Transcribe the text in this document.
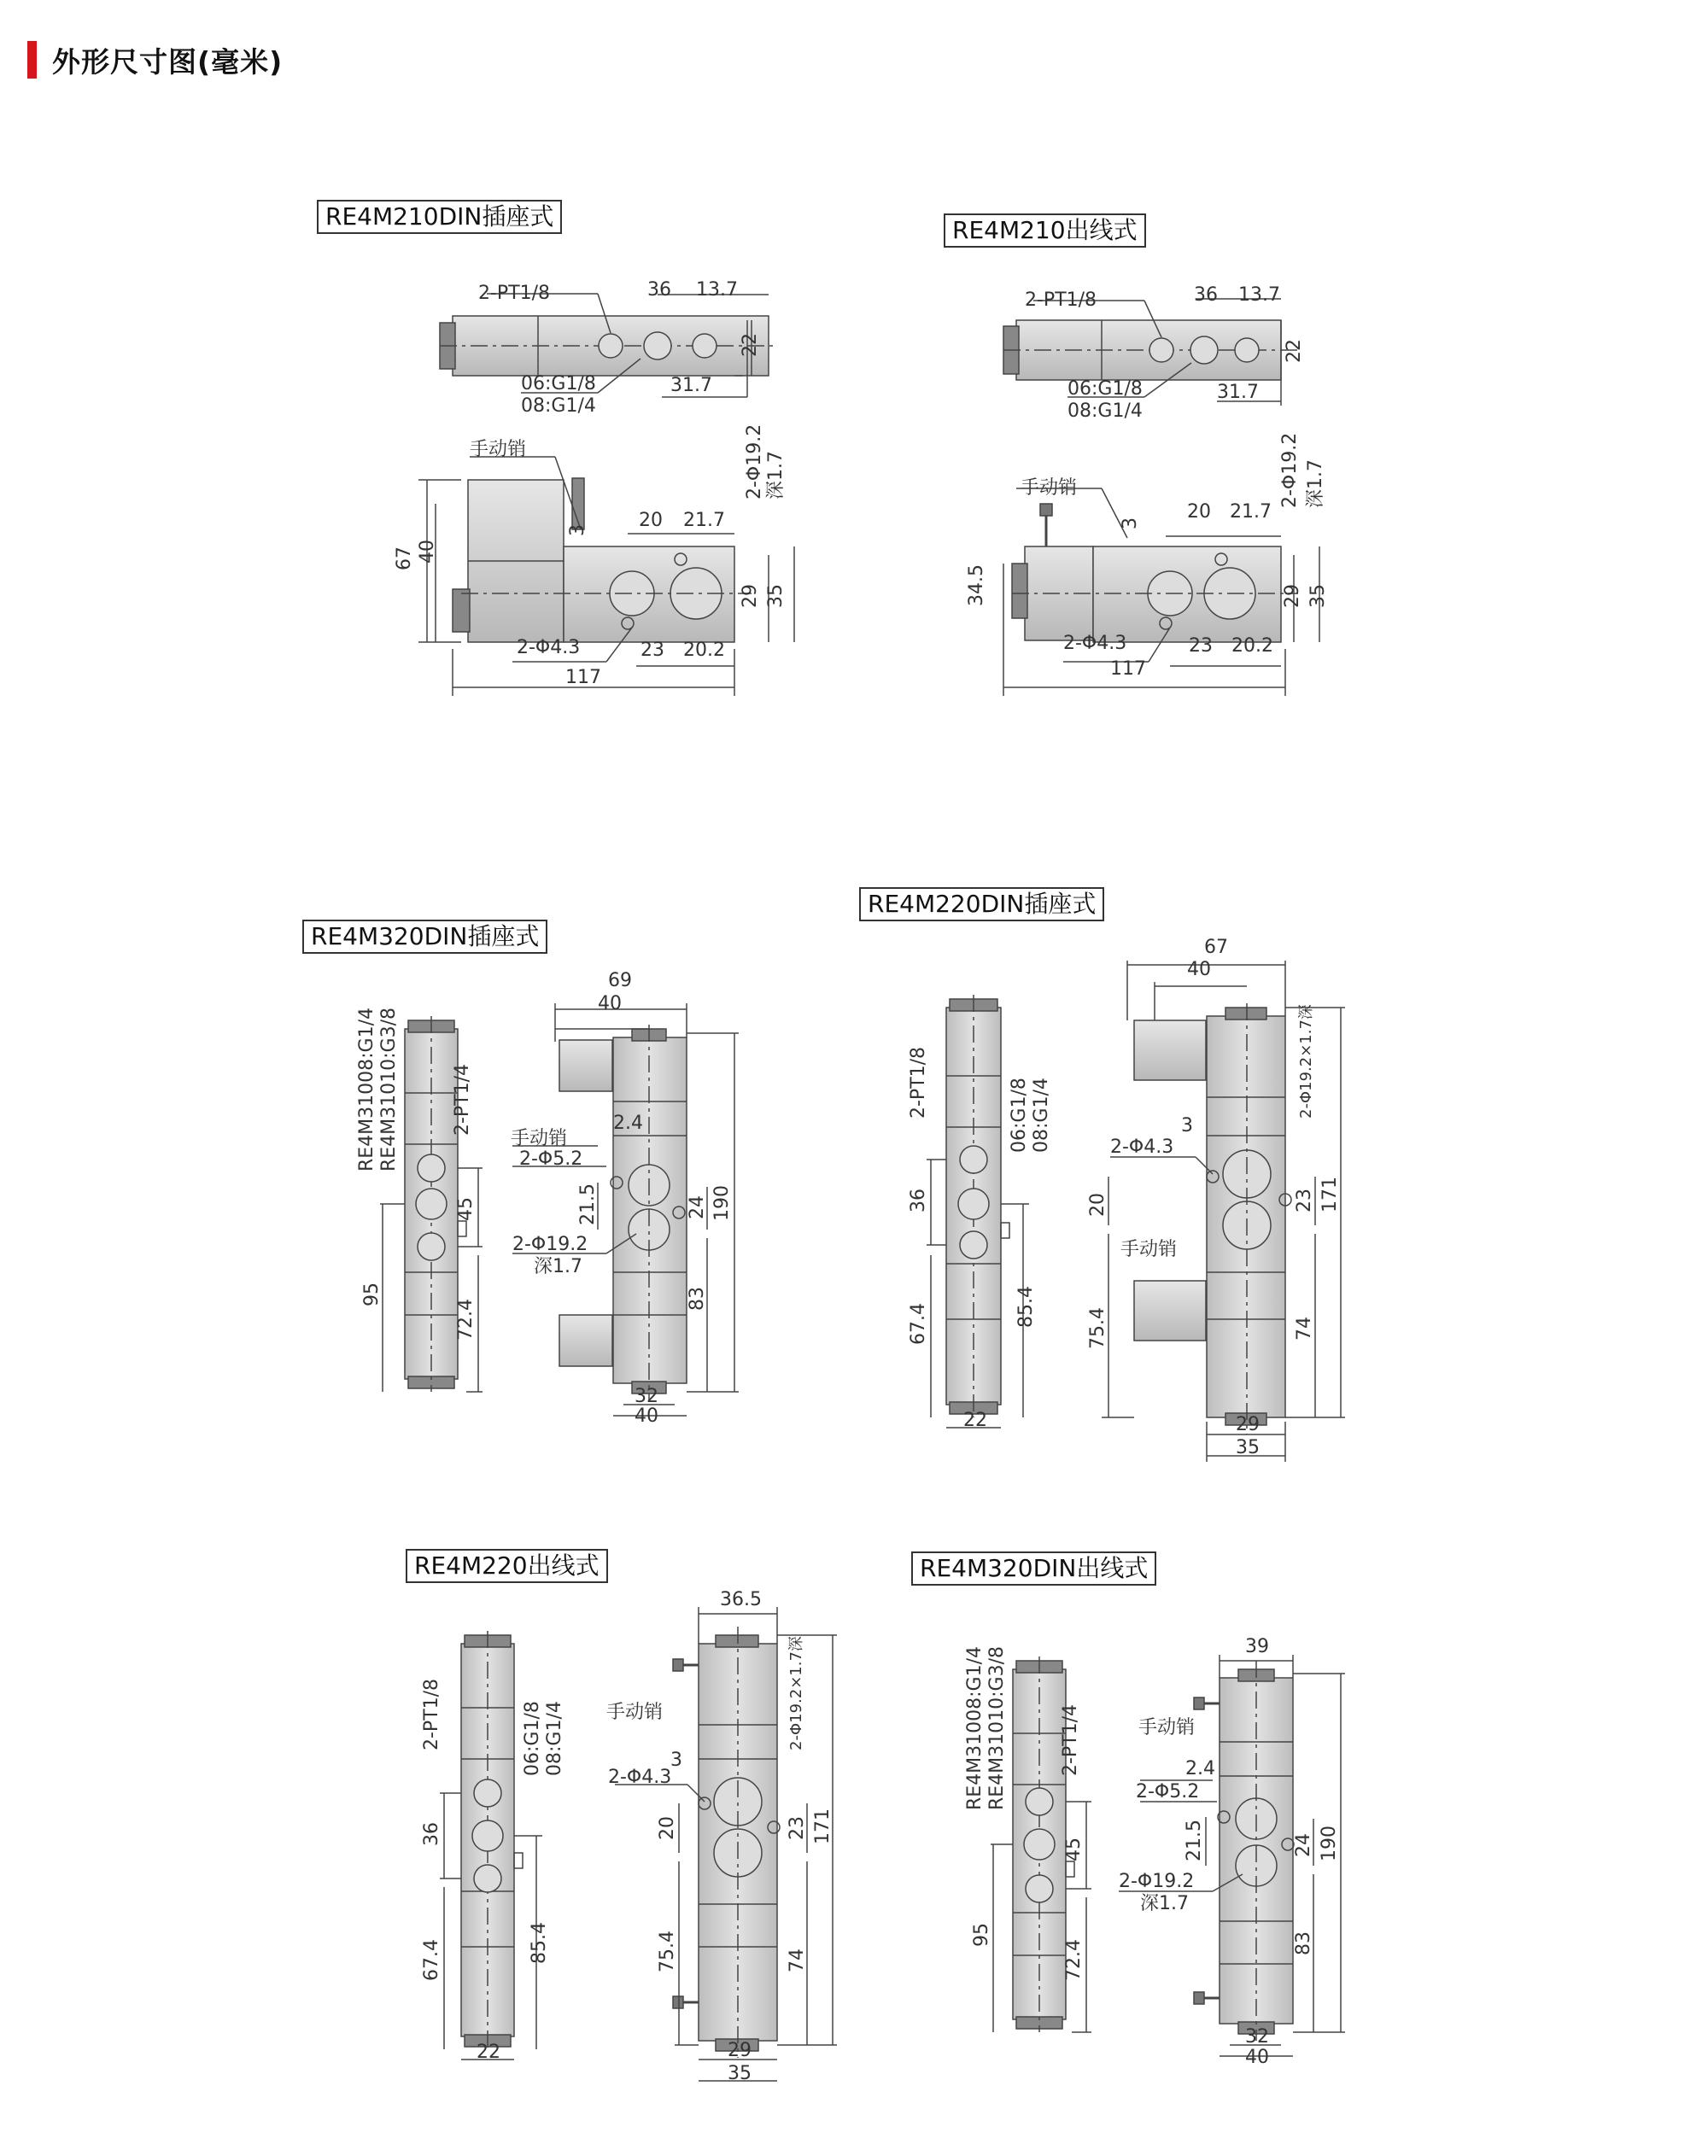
外形尺寸图(毫米)
RE4M210DIN插座式	RE4M210出线式
RE4M320DIN插座式
RE4M220DIN插座式
RE4M220出线式	RE4M320DIN出线式
2-PT1/8	36 13.7
22
06:G1/8
08:G1/4
31.7
手动销	2-Φ19.2 深1.7
3	20 21.7
67 40
29 35
2-Φ4.3	23 20.2
117
2-PT1/8	36 13.7
22
06:G1/8
08:G1/4
31.7
手动销	2-Φ19.2 深1.7
3
20 21.7
34.5	29 35
2-Φ4.3	23 20.2
117
RE4M31008:G1/4 RE4M31010:G3/8	2-PT1/4
45
95
72.4
69
40
手动销
2.4
2-Φ5.2
21.5	24 190
2-Φ19.2
深1.7
83
32
40
2-PT1/8	06:G1/8 08:G1/4
36
67.4	85.4
22
67
40
2-Φ19.2×1.7深
3
2-Φ4.3
20	23 171
手动销
75.4	74
29
35
2-PT1/8	06:G1/8 08:G1/4
36
67.4	85.4
22
36.5
2-Φ19.2×1.7深
手动销
3
2-Φ4.3
20	23 171
75.4	74
29
35
RE4M31008:G1/4 RE4M31010:G3/8	2-PT1/4
45
95
72.4
39
手动销
2.4
2-Φ5.2
21.5	24 190
2-Φ19.2
深1.7
83
32
40
